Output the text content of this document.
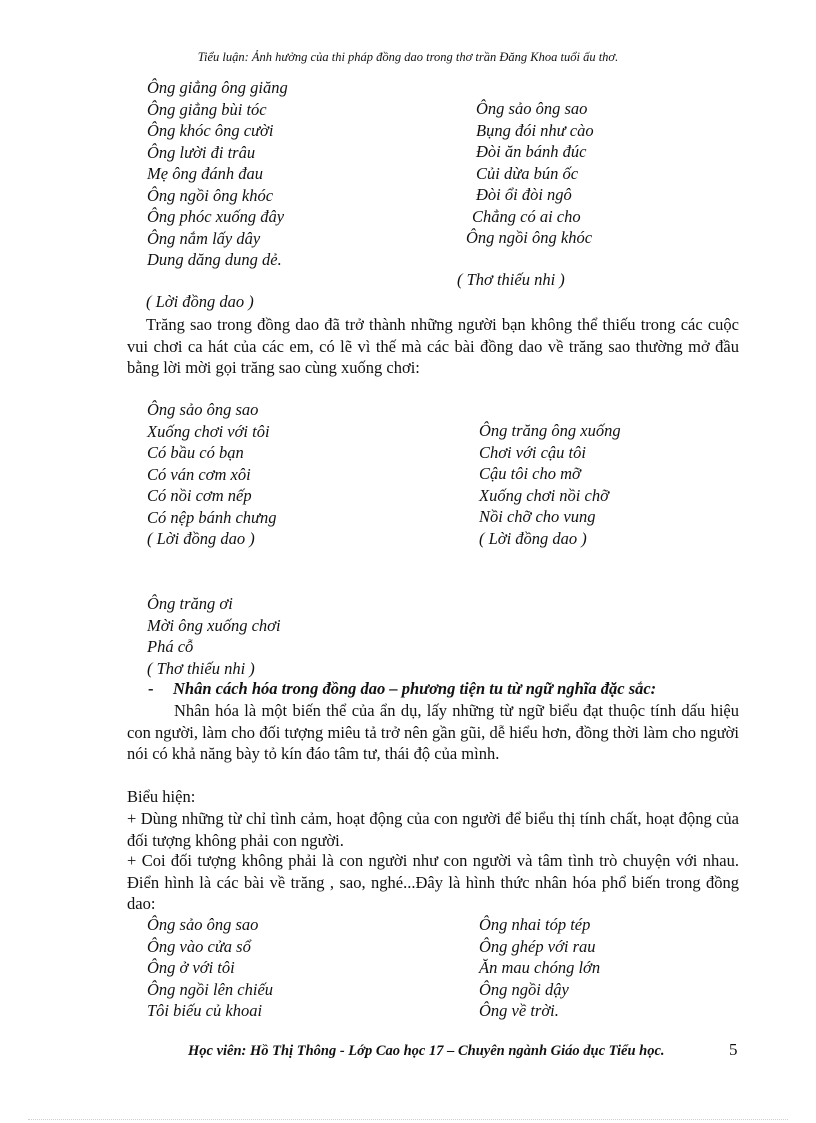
Tiểu luận: Ảnh hưởng của thi pháp đồng dao trong thơ trần Đăng Khoa tuổi ấu thơ.
Ông giẳng ông giăng
Ông giẳng bùi tóc
Ông khóc ông cười
Ông lười đi trâu
Mẹ ông đánh đau
Ông ngồi ông khóc
Ông phóc xuống đây
Ông nắm lấy dây
Dung dăng dung dẻ.
Ông sảo ông sao
Bụng đói như cào
Đòi ăn bánh đúc
Củi dừa bún ốc
Đòi ổi đòi ngô
Chẳng có ai cho
Ông ngồi ông khóc
( Thơ thiếu nhi )
( Lời đồng dao )

Trăng sao trong đồng dao đã trở thành những người bạn không thể thiếu trong các cuộc vui chơi ca hát của các em, có lẽ vì thế mà các bài đồng dao về trăng sao thường mở đầu bằng lời mời gọi trăng sao cùng xuống chơi:

Ông sảo ông sao
Xuống chơi với tôi
Có bầu có bạn
Có ván cơm xôi
Có nồi cơm nếp
Có nệp bánh chưng
( Lời đồng dao )
Ông trăng ông xuống
Chơi với cậu tôi
Cậu tôi cho mỡ
Xuống chơi nồi chỡ
Nồi chỡ cho vung
( Lời đồng dao )
Ông trăng ơi
Mời ông xuống chơi
Phá cỗ
( Thơ thiếu nhi )
- Nhân cách hóa trong đồng dao – phương tiện tu từ ngữ nghĩa đặc sắc:

Nhân hóa là một biến thể của ẩn dụ, lấy những từ ngữ biểu đạt thuộc tính dấu hiệu con người, làm cho đối tượng miêu tả trở nên gần gũi, dễ hiểu hơn, đồng thời làm cho người nói có khả năng bày tỏ kín đáo tâm tư, thái độ của mình.

Biểu hiện:

+ Dùng những từ chỉ tình cảm, hoạt động của con người để biểu thị tính chất, hoạt động của đối tượng không phải con người.

+ Coi đối tượng không phải là con người như con người và tâm tình trò chuyện với nhau. Điển hình là các bài về trăng , sao, nghé...Đây là hình thức nhân hóa phổ biến trong đồng dao:

Ông sảo ông sao
Ông vào cửa sổ
Ông ở với tôi
Ông ngồi lên chiếu
Tôi biếu củ khoai
Ông nhai tóp tép
Ông ghép với rau
Ăn mau chóng lớn
Ông ngồi dậy
Ông về trời.
Học viên: Hồ Thị Thông - Lớp Cao học 17 – Chuyên ngành Giáo dục Tiểu học.	5
